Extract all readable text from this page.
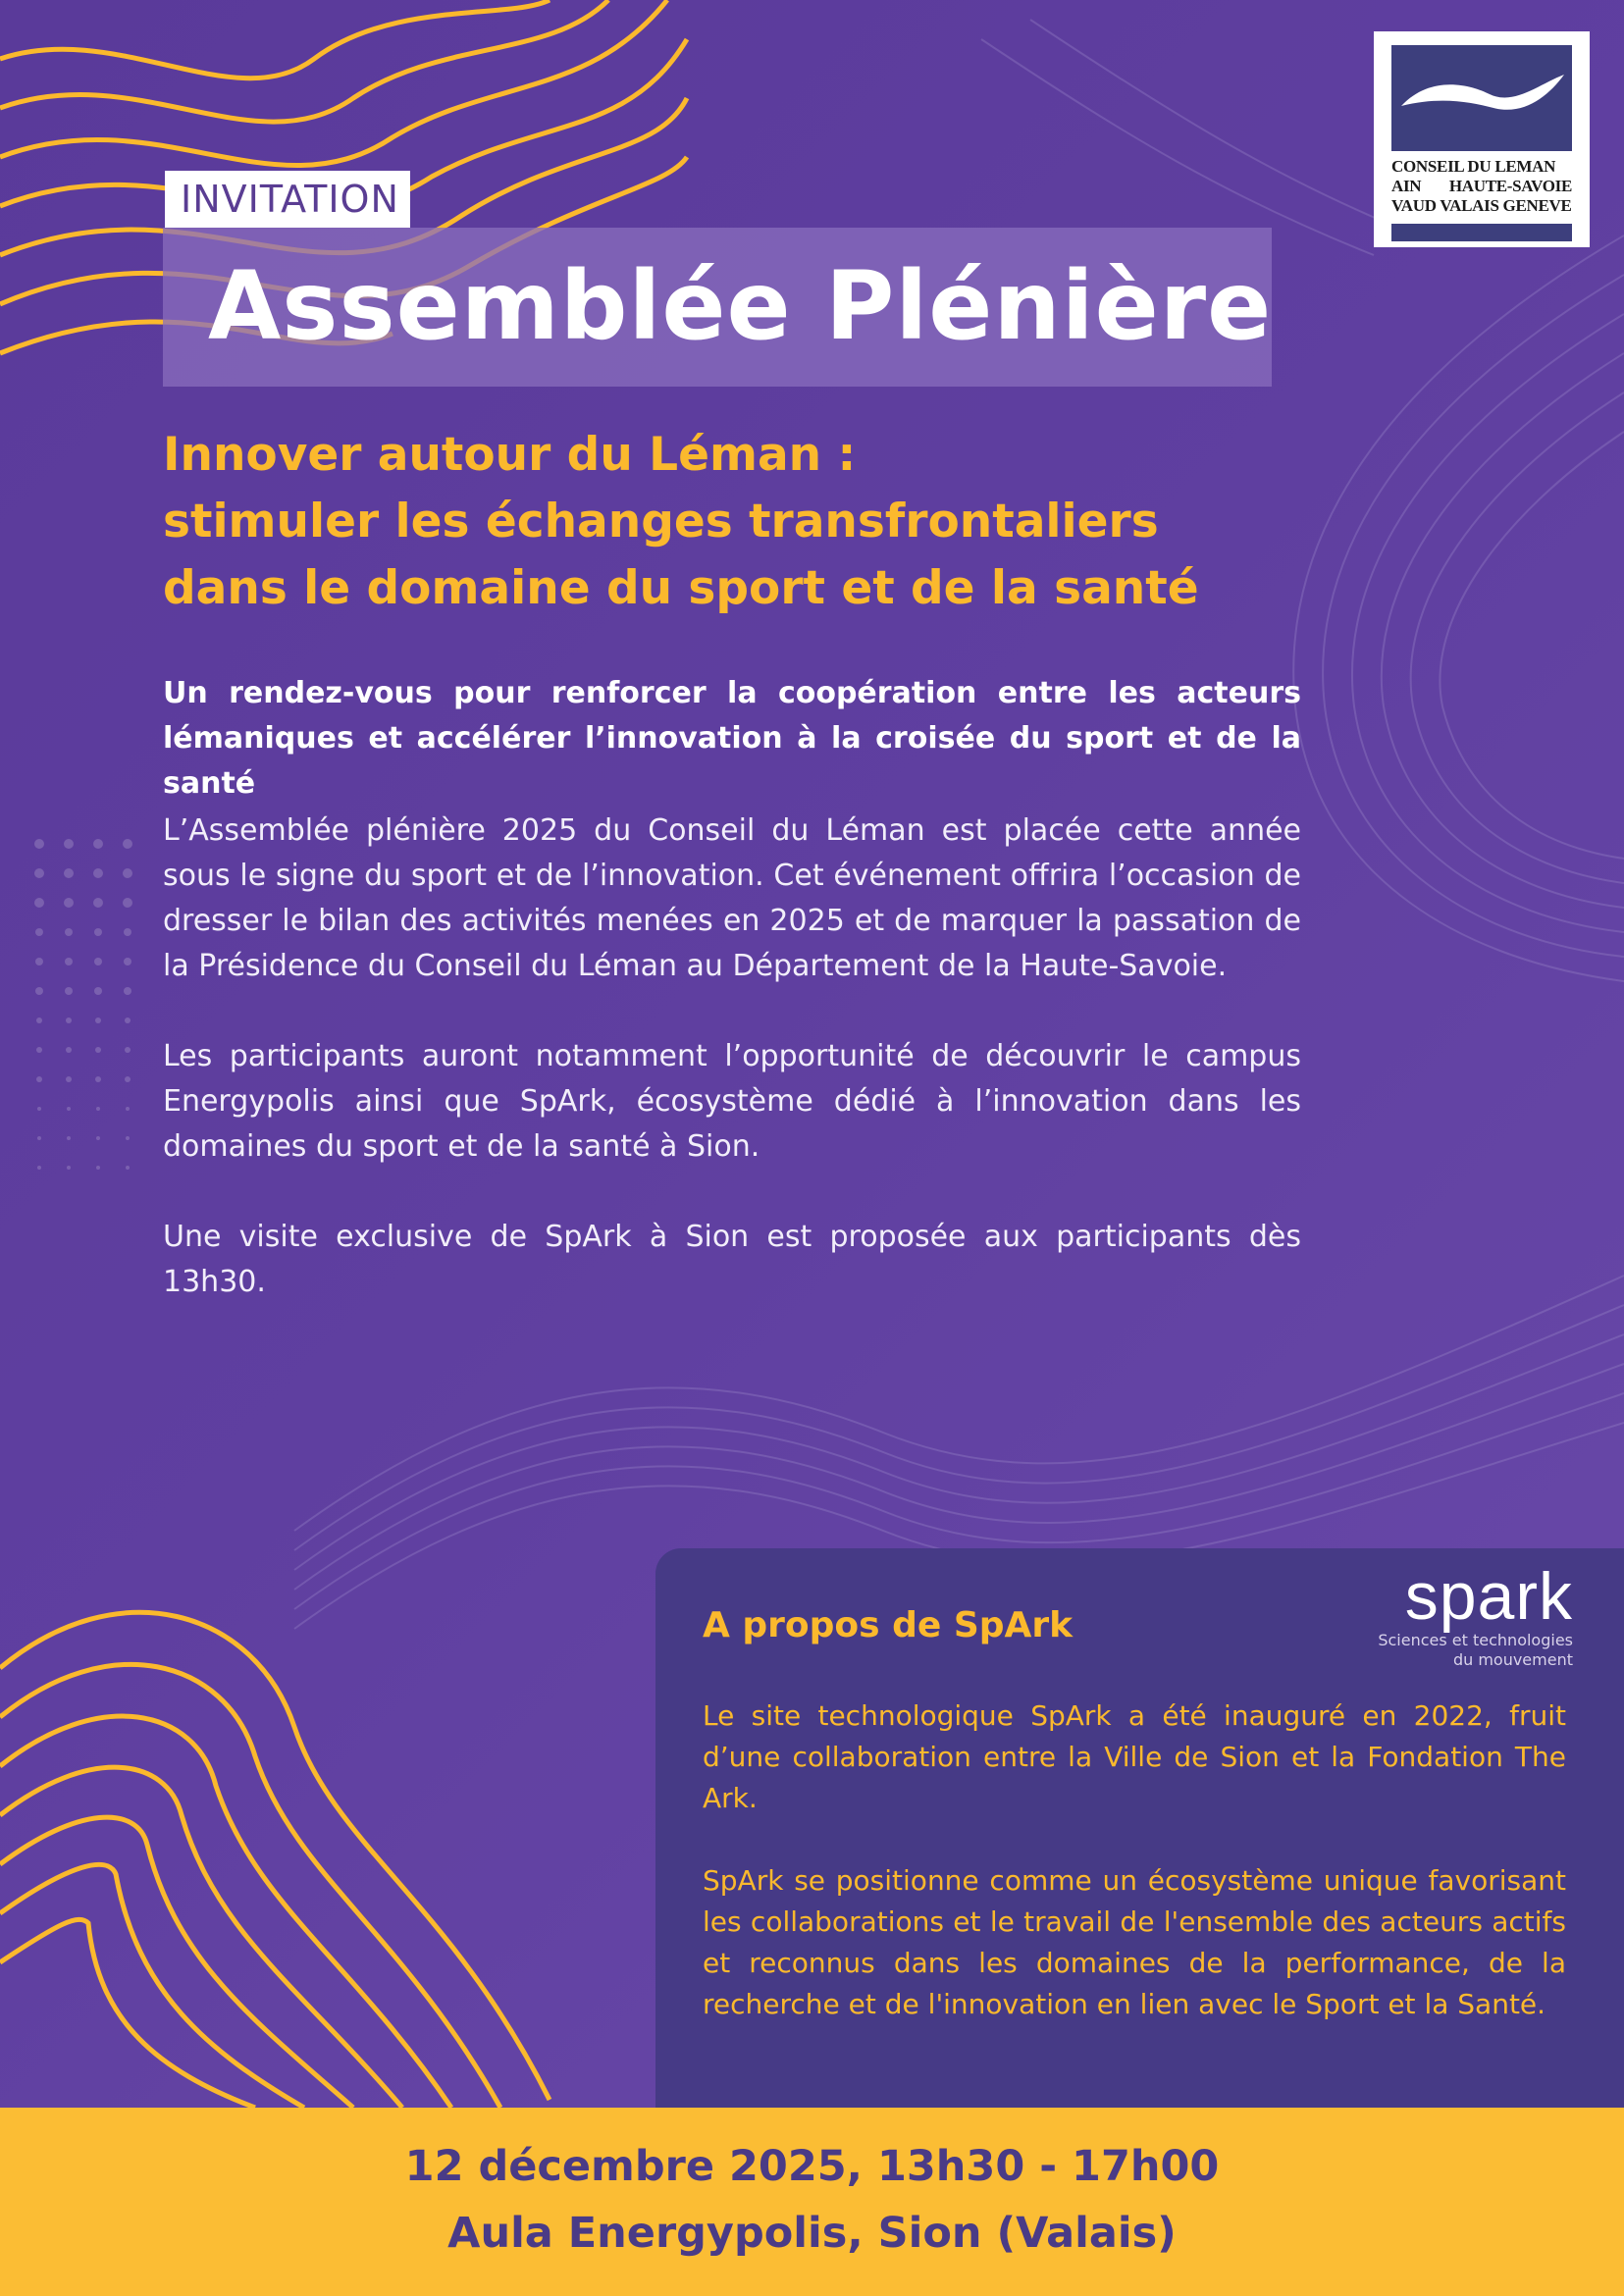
CONSEIL DU LEMAN
AIN HAUTE-SAVOIE
VAUD VALAIS GENEVE
INVITATION
Assemblée Plénière
Innover autour du Léman :
stimuler les échanges transfrontaliers
dans le domaine du sport et de la santé
Un rendez-vous pour renforcer la coopération entre les acteurs lémaniques et accélérer l’innovation à la croisée du sport et de la santé

L’Assemblée plénière 2025 du Conseil du Léman est placée cette année sous le signe du sport et de l’innovation. Cet événement offrira l’occasion de dresser le bilan des activités menées en 2025 et de marquer la passation de la Présidence du Conseil du Léman au Département de la Haute-Savoie.

Les participants auront notamment l’opportunité de découvrir le campus Energypolis ainsi que SpArk, écosystème dédié à l’innovation dans les domaines du sport et de la santé à Sion.

Une visite exclusive de SpArk à Sion est proposée aux participants dès 13h30.

A propos de SpArk	spark
Sciences et technologies
du mouvement

Le site technologique SpArk a été inauguré en 2022, fruit d’une collaboration entre la Ville de Sion et la Fondation The Ark.

SpArk se positionne comme un écosystème unique favorisant les collaborations et le travail de l'ensemble des acteurs actifs et reconnus dans les domaines de la performance, de la recherche et de l'innovation en lien avec le Sport et la Santé.

12 décembre 2025, 13h30 - 17h00
Aula Energypolis, Sion (Valais)
